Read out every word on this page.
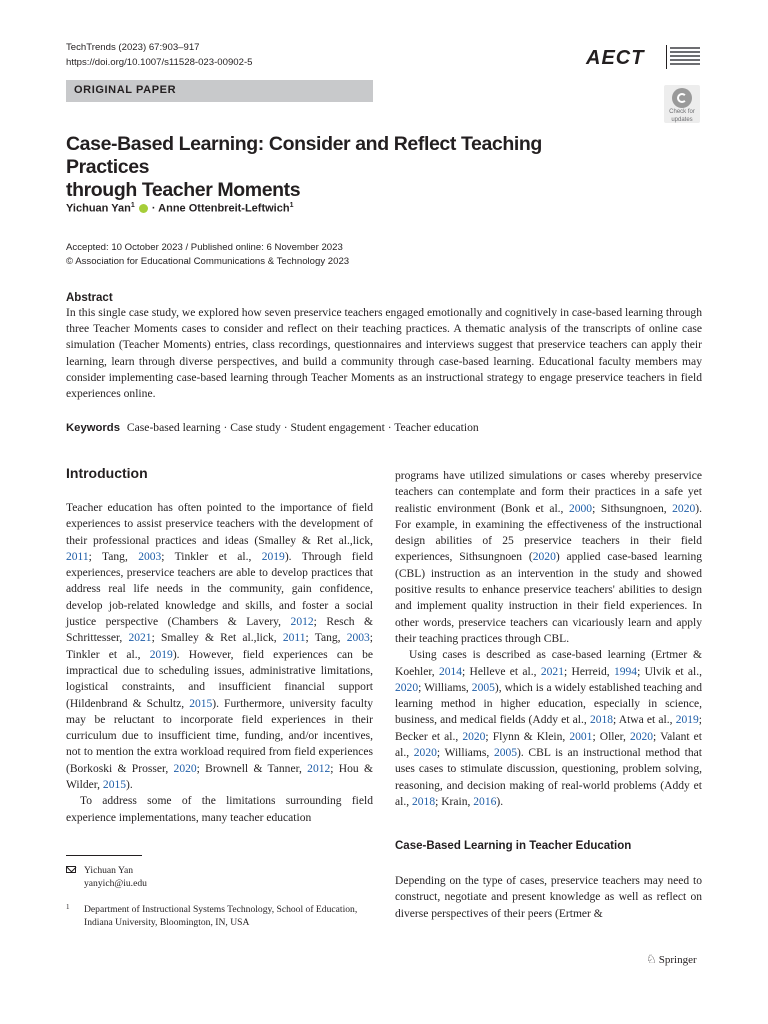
TechTrends (2023) 67:903–917
https://doi.org/10.1007/s11528-023-00902-5	AECT
ORIGINAL PAPER
Check for
updates
Case-Based Learning: Consider and Reflect Teaching Practices
through Teacher Moments
Yichuan Yan$^1$ · Anne Ottenbreit-Leftwich$^1$
Accepted: 10 October 2023 / Published online: 6 November 2023
© Association for Educational Communications & Technology 2023
Abstract
In this single case study, we explored how seven preservice teachers engaged emotionally and cognitively in case-based learning through three Teacher Moments cases to consider and reflect on their teaching practices. A thematic analysis of the transcripts of online case simulation (Teacher Moments) entries, class recordings, questionnaires and interviews suggest that preservice teachers can apply their learning, learn through diverse perspectives, and build a community through case-based learning. Educational faculty members may consider implementing case-based learning through Teacher Moments as an instructional strategy to engage preservice teachers in field experiences online.
Keywords Case-based learning · Case study · Student engagement · Teacher education
Introduction

Teacher education has often pointed to the importance of field experiences to assist preservice teachers with the development of their professional practices and ideas (Smalley & Ret al.,lick, 2011; Tang, 2003; Tinkler et al., 2019). Through field experiences, preservice teachers are able to develop practices that address real life needs in the community, gain confidence, develop job-related knowledge and skills, and foster a social justice perspective (Chambers & Lavery, 2012; Resch & Schrittesser, 2021; Smalley & Ret al.,lick, 2011; Tang, 2003; Tinkler et al., 2019). However, field experiences can be impractical due to scheduling issues, administrative limitations, logistical constraints, and insufficient financial support (Hildenbrand & Schultz, 2015). Furthermore, university faculty may be reluctant to incorporate field experiences in their curriculum due to insufficient time, funding, and/or incentives, not to mention the extra workload required from field experiences (Borkoski & Prosser, 2020; Brownell & Tanner, 2012; Hou & Wilder, 2015).

To address some of the limitations surrounding field experience implementations, many teacher education

programs have utilized simulations or cases whereby preservice teachers can contemplate and form their practices in a safe yet realistic environment (Bonk et al., 2000; Sithsungnoen, 2020). For example, in examining the effectiveness of the instructional design abilities of 25 preservice teachers in their field experiences, Sithsungnoen (2020) applied case-based learning (CBL) instruction as an intervention in the study and showed positive results to enhance preservice teachers' abilities to design and implement quality instruction in their field experiences. In other words, preservice teachers can vicariously learn and apply their teaching practices through CBL.

Using cases is described as case-based learning (Ertmer & Koehler, 2014; Helleve et al., 2021; Herreid, 1994; Ulvik et al., 2020; Williams, 2005), which is a widely established teaching and learning method in higher education, especially in science, business, and medical fields (Addy et al., 2018; Atwa et al., 2019; Becker et al., 2020; Flynn & Klein, 2001; Oller, 2020; Valant et al., 2020; Williams, 2005). CBL is an instructional method that uses cases to stimulate discussion, questioning, problem solving, reasoning, and decision making of real-world problems (Addy et al., 2018; Krain, 2016).

Case-Based Learning in Teacher Education

Depending on the type of cases, preservice teachers may need to construct, negotiate and present knowledge as well as reflect on diverse perspectives of their peers (Ertmer &

Yichuan Yan
yanyich@iu.edu
1 Department of Instructional Systems Technology, School of Education, Indiana University, Bloomington, IN, USA
♘ Springer
